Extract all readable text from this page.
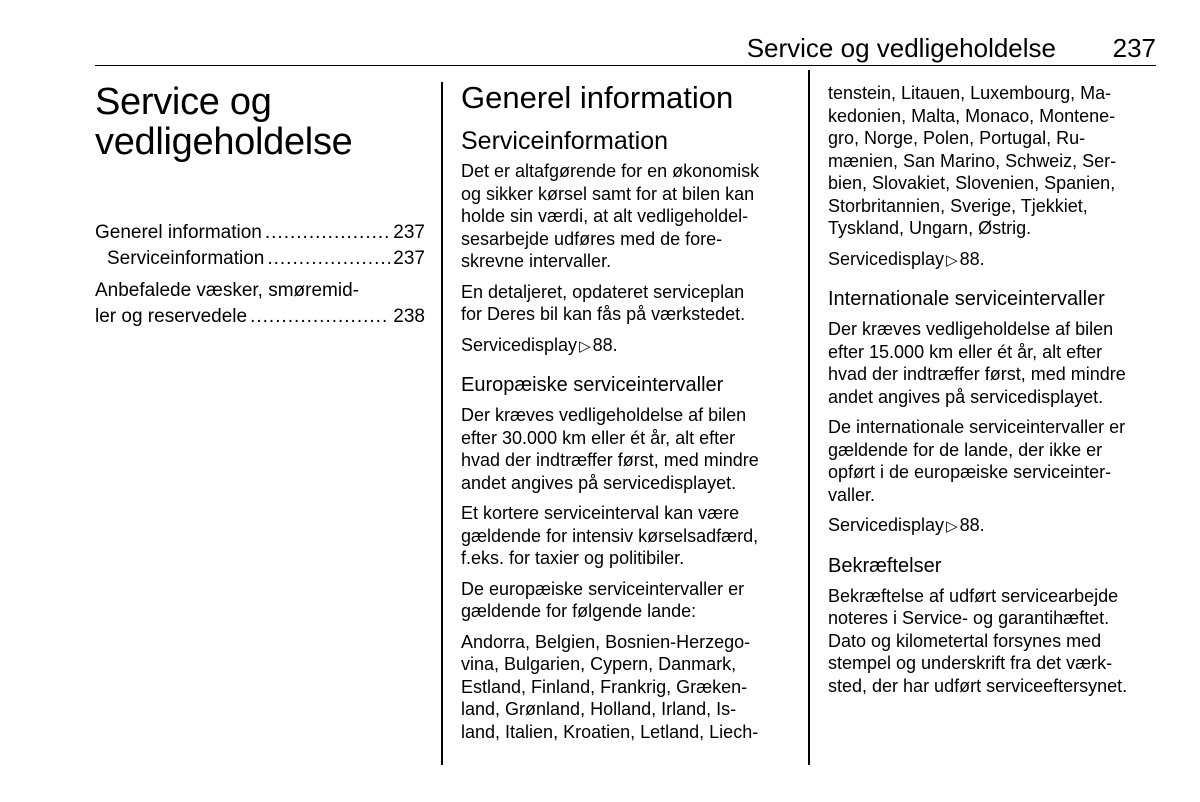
Service og vedligeholdelse 237
Service og
vedligeholdelse
Generel information .....	237
Serviceinformation .....	237
Anbefalede væsker, smøremid-
ler og reservedele .....	238
Generel information
Serviceinformation

Det er altafgørende for en økonomisk
og sikker kørsel samt for at bilen kan
holde sin værdi, at alt vedligeholdel-
sesarbejde udføres med de fore-
skrevne intervaller.

En detaljeret, opdateret serviceplan
for Deres bil kan fås på værkstedet.

Servicedisplay ▷ 88.

Europæiske serviceintervaller

Der kræves vedligeholdelse af bilen
efter 30.000 km eller ét år, alt efter
hvad der indtræffer først, med mindre
andet angives på servicedisplayet.

Et kortere serviceinterval kan være
gældende for intensiv kørselsadfærd,
f.eks. for taxier og politibiler.

De europæiske serviceintervaller er
gældende for følgende lande:

Andorra, Belgien, Bosnien-Herzego-
vina, Bulgarien, Cypern, Danmark,
Estland, Finland, Frankrig, Græken-
land, Grønland, Holland, Irland, Is-
land, Italien, Kroatien, Letland, Liech-

tenstein, Litauen, Luxembourg, Ma-
kedonien, Malta, Monaco, Montene-
gro, Norge, Polen, Portugal, Ru-
mænien, San Marino, Schweiz, Ser-
bien, Slovakiet, Slovenien, Spanien,
Storbritannien, Sverige, Tjekkiet,
Tyskland, Ungarn, Østrig.

Servicedisplay ▷ 88.

Internationale serviceintervaller

Der kræves vedligeholdelse af bilen
efter 15.000 km eller ét år, alt efter
hvad der indtræffer først, med mindre
andet angives på servicedisplayet.

De internationale serviceintervaller er
gældende for de lande, der ikke er
opført i de europæiske serviceinter-
valler.

Servicedisplay ▷ 88.

Bekræftelser

Bekræftelse af udført servicearbejde
noteres i Service- og garantihæftet.
Dato og kilometertal forsynes med
stempel og underskrift fra det værk-
sted, der har udført serviceeftersynet.
